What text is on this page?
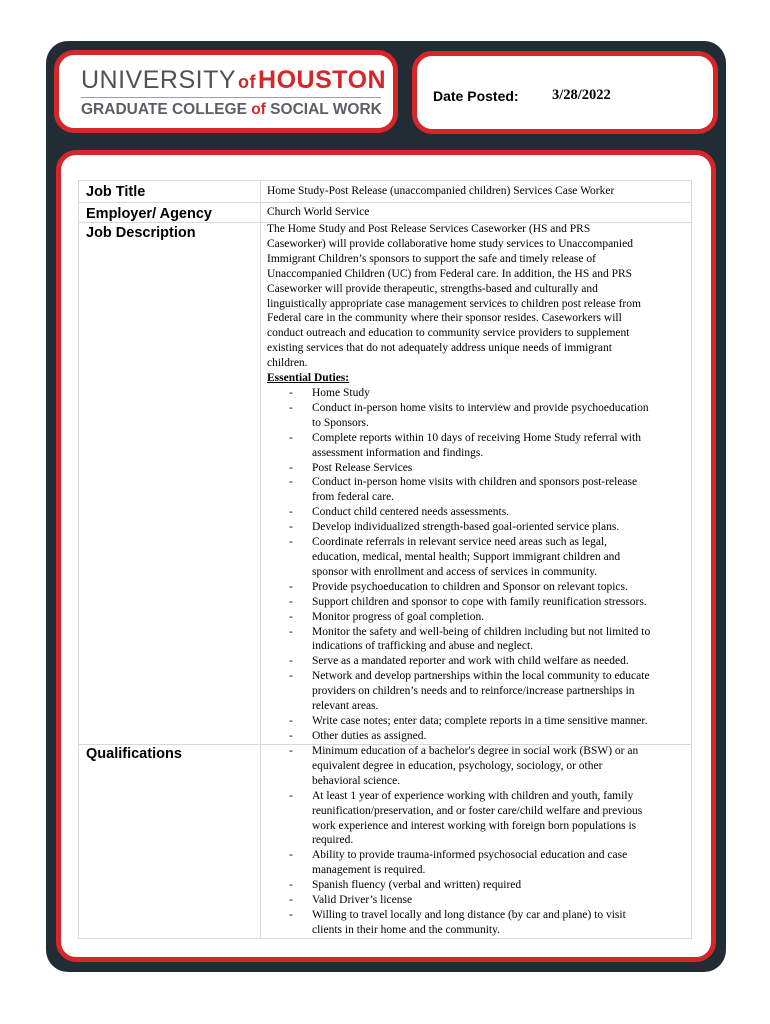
UNIVERSITY ofHOUSTON
GRADUATE COLLEGE of SOCIAL WORK
Date Posted: 3/28/2022
Job Title	Home Study-Post Release (unaccompanied children) Services Case Worker
Employer/ Agency	Church World Service
Job Description	The Home Study and Post Release Services Caseworker (HS and PRS
Caseworker) will provide collaborative home study services to Unaccompanied
Immigrant Children’s sponsors to support the safe and timely release of
Unaccompanied Children (UC) from Federal care. In addition, the HS and PRS
Caseworker will provide therapeutic, strengths-based and culturally and
linguistically appropriate case management services to children post release from
Federal care in the community where their sponsor resides. Caseworkers will
conduct outreach and education to community service providers to supplement
existing services that do not adequately address unique needs of immigrant
children.
Essential Duties:
- Home Study
- Conduct in-person home visits to interview and provide psychoeducation
to Sponsors.
- Complete reports within 10 days of receiving Home Study referral with
assessment information and findings.
- Post Release Services
- Conduct in-person home visits with children and sponsors post-release
from federal care.
- Conduct child centered needs assessments.
- Develop individualized strength-based goal-oriented service plans.
- Coordinate referrals in relevant service need areas such as legal,
education, medical, mental health; Support immigrant children and
sponsor with enrollment and access of services in community.
- Provide psychoeducation to children and Sponsor on relevant topics.
- Support children and sponsor to cope with family reunification stressors.
- Monitor progress of goal completion.
- Monitor the safety and well-being of children including but not limited to
indications of trafficking and abuse and neglect.
- Serve as a mandated reporter and work with child welfare as needed.
- Network and develop partnerships within the local community to educate
providers on children’s needs and to reinforce/increase partnerships in
relevant areas.
- Write case notes; enter data; complete reports in a time sensitive manner.
- Other duties as assigned.
Qualifications	- Minimum education of a bachelor's degree in social work (BSW) or an
equivalent degree in education, psychology, sociology, or other
behavioral science.
- At least 1 year of experience working with children and youth, family
reunification/preservation, and or foster care/child welfare and previous
work experience and interest working with foreign born populations is
required.
- Ability to provide trauma-informed psychosocial education and case
management is required.
- Spanish fluency (verbal and written) required
- Valid Driver’s license
- Willing to travel locally and long distance (by car and plane) to visit
clients in their home and the community.
